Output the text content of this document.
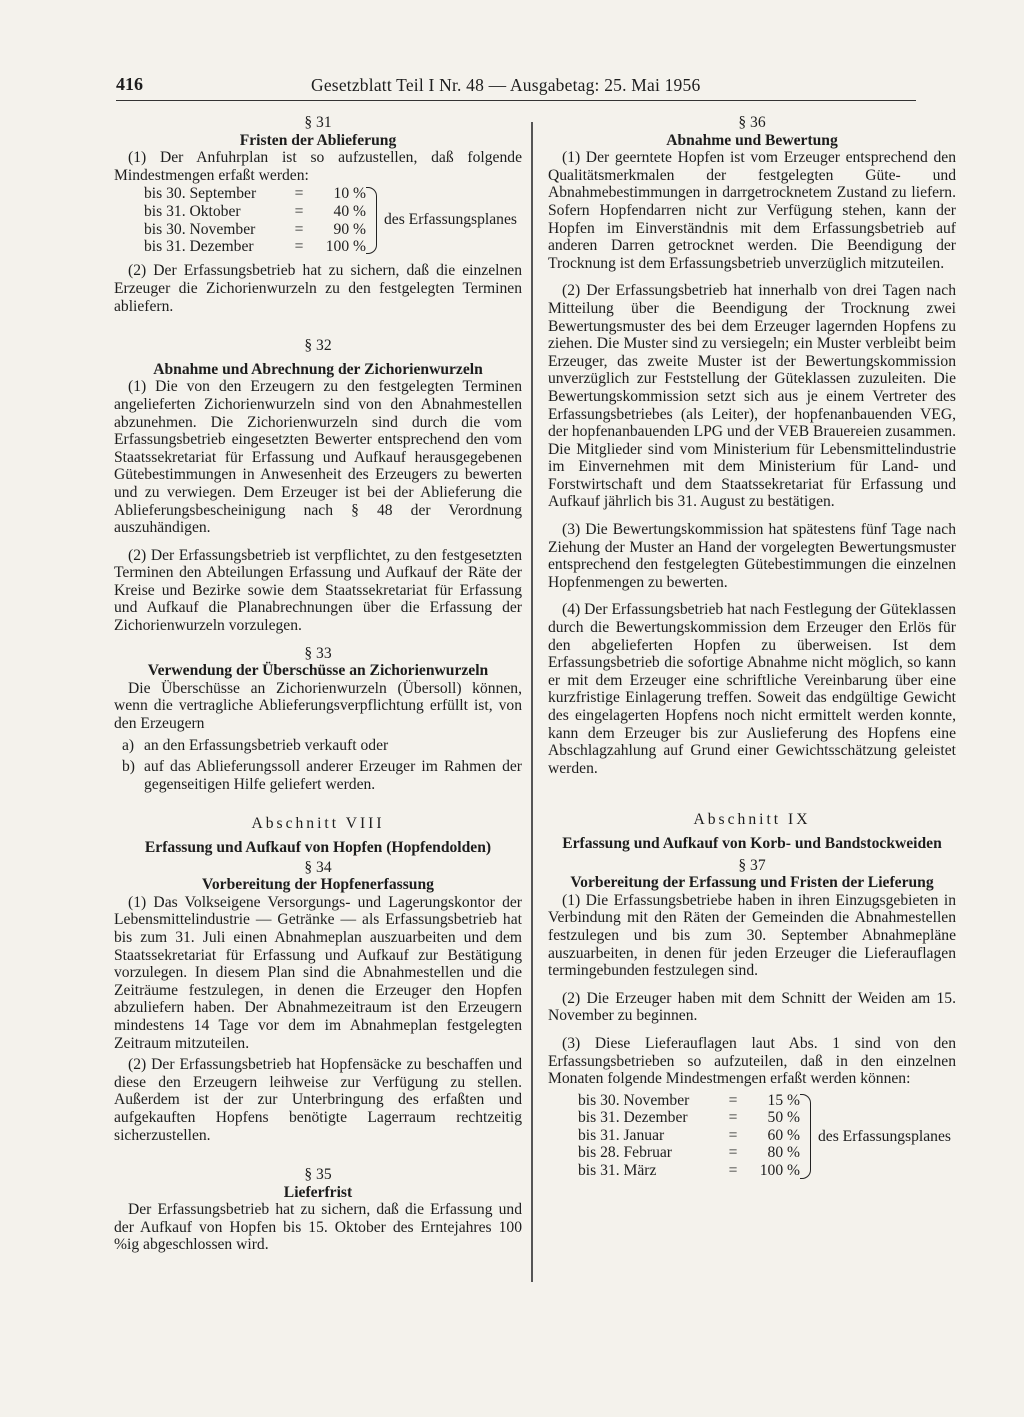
416	Gesetzblatt Teil I Nr. 48 — Ausgabetag: 25. Mai 1956
§ 31
Fristen der Ablieferung

(1) Der Anfuhrplan ist so aufzustellen, daß folgende Mindestmengen erfaßt werden:

bis 30. September	=	10 %
bis 31. Oktober	=	40 %
bis 30. November	=	90 %
bis 31. Dezember	=	100 %
des Erfassungsplanes

(2) Der Erfassungsbetrieb hat zu sichern, daß die einzelnen Erzeuger die Zichorienwurzeln zu den festgelegten Terminen abliefern.

§ 32
Abnahme und Abrechnung der Zichorienwurzeln

(1) Die von den Erzeugern zu den festgelegten Terminen angelieferten Zichorienwurzeln sind von den Abnahmestellen abzunehmen. Die Zichorienwurzeln sind durch die vom Erfassungsbetrieb eingesetzten Bewerter entsprechend den vom Staatssekretariat für Erfassung und Aufkauf herausgegebenen Gütebestimmungen in Anwesenheit des Erzeugers zu bewerten und zu verwiegen. Dem Erzeuger ist bei der Ablieferung die Ablieferungsbescheinigung nach § 48 der Verordnung auszuhändigen.

(2) Der Erfassungsbetrieb ist verpflichtet, zu den festgesetzten Terminen den Abteilungen Erfassung und Aufkauf der Räte der Kreise und Bezirke sowie dem Staatssekretariat für Erfassung und Aufkauf die Planabrechnungen über die Erfassung der Zichorienwurzeln vorzulegen.

§ 33
Verwendung der Überschüsse an Zichorienwurzeln

Die Überschüsse an Zichorienwurzeln (Übersoll) können, wenn die vertragliche Ablieferungsverpflichtung erfüllt ist, von den Erzeugern

a) an den Erfassungsbetrieb verkauft oder
b) auf das Ablieferungssoll anderer Erzeuger im Rahmen der gegenseitigen Hilfe geliefert werden.
Abschnitt VIII
Erfassung und Aufkauf von Hopfen (Hopfendolden)
§ 34
Vorbereitung der Hopfenerfassung

(1) Das Volkseigene Versorgungs- und Lagerungskontor der Lebensmittelindustrie — Getränke — als Erfassungsbetrieb hat bis zum 31. Juli einen Abnahmeplan auszuarbeiten und dem Staatssekretariat für Erfassung und Aufkauf zur Bestätigung vorzulegen. In diesem Plan sind die Abnahmestellen und die Zeiträume festzulegen, in denen die Erzeuger den Hopfen abzuliefern haben. Der Abnahmezeitraum ist den Erzeugern mindestens 14 Tage vor dem im Abnahmeplan festgelegten Zeitraum mitzuteilen.

(2) Der Erfassungsbetrieb hat Hopfensäcke zu beschaffen und diese den Erzeugern leihweise zur Verfügung zu stellen. Außerdem ist der zur Unterbringung des erfaßten und aufgekauften Hopfens benötigte Lagerraum rechtzeitig sicherzustellen.

§ 35
Lieferfrist

Der Erfassungsbetrieb hat zu sichern, daß die Erfassung und der Aufkauf von Hopfen bis 15. Oktober des Erntejahres 100 %ig abgeschlossen wird.

§ 36
Abnahme und Bewertung

(1) Der geerntete Hopfen ist vom Erzeuger entsprechend den Qualitätsmerkmalen der festgelegten Güte- und Abnahmebestimmungen in darrgetrocknetem Zustand zu liefern. Sofern Hopfendarren nicht zur Verfügung stehen, kann der Hopfen im Einverständnis mit dem Erfassungsbetrieb auf anderen Darren getrocknet werden. Die Beendigung der Trocknung ist dem Erfassungsbetrieb unverzüglich mitzuteilen.

(2) Der Erfassungsbetrieb hat innerhalb von drei Tagen nach Mitteilung über die Beendigung der Trocknung zwei Bewertungsmuster des bei dem Erzeuger lagernden Hopfens zu ziehen. Die Muster sind zu versiegeln; ein Muster verbleibt beim Erzeuger, das zweite Muster ist der Bewertungskommission unverzüglich zur Feststellung der Güteklassen zuzuleiten. Die Bewertungskommission setzt sich aus je einem Vertreter des Erfassungsbetriebes (als Leiter), der hopfenanbauenden VEG, der hopfenanbauenden LPG und der VEB Brauereien zusammen. Die Mitglieder sind vom Ministerium für Lebensmittelindustrie im Einvernehmen mit dem Ministerium für Land- und Forstwirtschaft und dem Staatssekretariat für Erfassung und Aufkauf jährlich bis 31. August zu bestätigen.

(3) Die Bewertungskommission hat spätestens fünf Tage nach Ziehung der Muster an Hand der vorgelegten Bewertungsmuster entsprechend den festgelegten Gütebestimmungen die einzelnen Hopfenmengen zu bewerten.

(4) Der Erfassungsbetrieb hat nach Festlegung der Güteklassen durch die Bewertungskommission dem Erzeuger den Erlös für den abgelieferten Hopfen zu überweisen. Ist dem Erfassungsbetrieb die sofortige Abnahme nicht möglich, so kann er mit dem Erzeuger eine schriftliche Vereinbarung über eine kurzfristige Einlagerung treffen. Soweit das endgültige Gewicht des eingelagerten Hopfens noch nicht ermittelt werden konnte, kann dem Erzeuger bis zur Auslieferung des Hopfens eine Abschlagzahlung auf Grund einer Gewichtsschätzung geleistet werden.

Abschnitt IX
Erfassung und Aufkauf von Korb- und Bandstockweiden
§ 37
Vorbereitung der Erfassung und Fristen der Lieferung

(1) Die Erfassungsbetriebe haben in ihren Einzugsgebieten in Verbindung mit den Räten der Gemeinden die Abnahmestellen festzulegen und bis zum 30. September Abnahmepläne auszuarbeiten, in denen für jeden Erzeuger die Lieferauflagen termingebunden festzulegen sind.

(2) Die Erzeuger haben mit dem Schnitt der Weiden am 15. November zu beginnen.

(3) Diese Lieferauflagen laut Abs. 1 sind von den Erfassungsbetrieben so aufzuteilen, daß in den einzelnen Monaten folgende Mindestmengen erfaßt werden können:

bis 30. November	=	15 %
bis 31. Dezember	=	50 %
bis 31. Januar	=	60 %
bis 28. Februar	=	80 %
bis 31. März	=	100 %
des Erfassungsplanes
